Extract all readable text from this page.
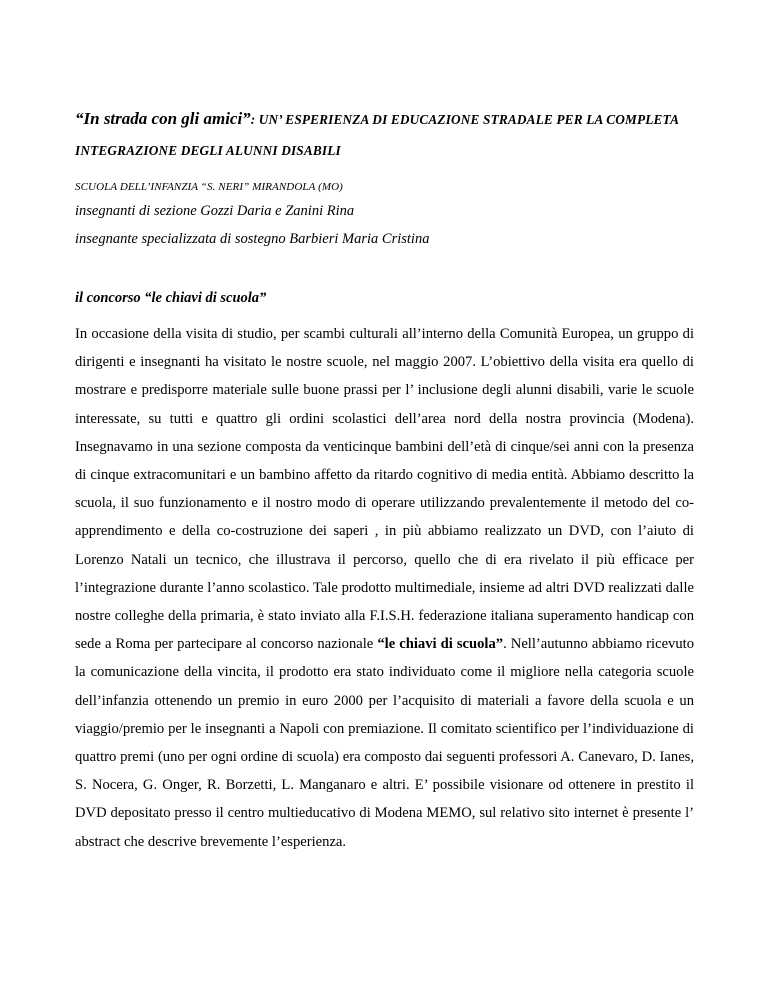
“In strada con gli amici”: UN’ ESPERIENZA DI EDUCAZIONE STRADALE PER LA COMPLETA INTEGRAZIONE DEGLI ALUNNI DISABILI

SCUOLA DELL’INFANZIA “S. NERI” MIRANDOLA (MO)

insegnanti di sezione Gozzi Daria e Zanini Rina

insegnante specializzata di sostegno Barbieri Maria Cristina

il concorso “le chiavi di scuola”

In occasione della visita di studio, per scambi culturali all’interno della Comunità Europea, un gruppo di dirigenti e insegnanti ha visitato le nostre scuole, nel maggio 2007. L’obiettivo della visita era quello di mostrare e predisporre materiale sulle buone prassi per l’ inclusione degli alunni disabili, varie le scuole interessate, su tutti e quattro gli ordini scolastici dell’area nord della nostra provincia (Modena). Insegnavamo in una sezione composta da venticinque bambini dell’età di cinque/sei anni con la presenza di cinque extracomunitari e un bambino affetto da ritardo cognitivo di media entità. Abbiamo descritto la scuola, il suo funzionamento e il nostro modo di operare utilizzando prevalentemente il metodo del co-apprendimento e della co-costruzione dei saperi , in più abbiamo realizzato un DVD, con l’aiuto di Lorenzo Natali un tecnico, che illustrava il percorso, quello che di era rivelato il più efficace per l’integrazione durante l’anno scolastico. Tale prodotto multimediale, insieme ad altri DVD realizzati dalle nostre colleghe della primaria, è stato inviato alla F.I.S.H. federazione italiana superamento handicap con sede a Roma per partecipare al concorso nazionale “le chiavi di scuola”. Nell’autunno abbiamo ricevuto la comunicazione della vincita, il prodotto era stato individuato come il migliore nella categoria scuole dell’infanzia ottenendo un premio in euro 2000 per l’acquisito di materiali a favore della scuola e un viaggio/premio per le insegnanti a Napoli con premiazione. Il comitato scientifico per l’individuazione di quattro premi (uno per ogni ordine di scuola) era composto dai seguenti professori A. Canevaro, D. Ianes, S. Nocera, G. Onger, R. Borzetti, L. Manganaro e altri. E’ possibile visionare od ottenere in prestito il DVD depositato presso il centro multieducativo di Modena MEMO, sul relativo sito internet è presente l’ abstract che descrive brevemente l’esperienza.
